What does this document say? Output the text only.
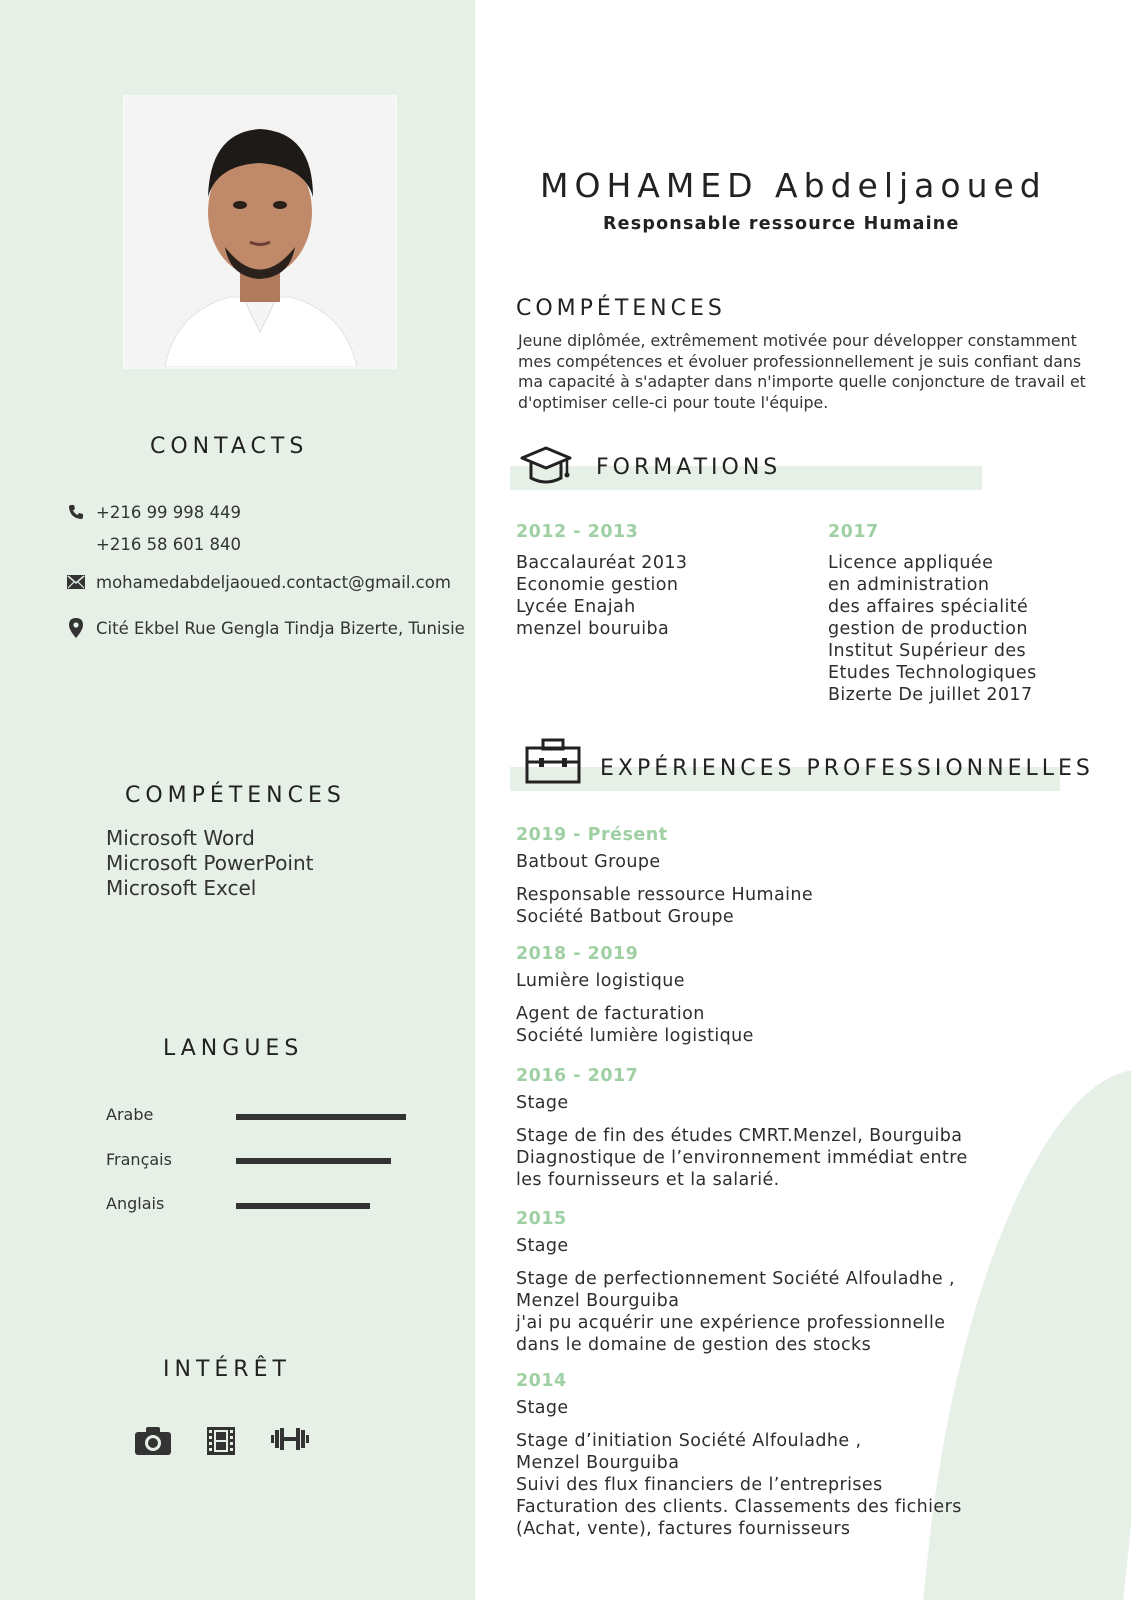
CONTACTS
+216 99 998 449
+216 58 601 840
mohamedabdeljaoued.contact@gmail.com
Cité Ekbel Rue Gengla Tindja Bizerte, Tunisie
COMPÉTENCES
Microsoft Word
Microsoft PowerPoint
Microsoft Excel
LANGUES
Arabe
Français
Anglais
INTÉRÊT
MOHAMED Abdeljaoued
Responsable ressource Humaine
COMPÉTENCES
Jeune diplômée, extrêmement motivée pour développer constamment mes compétences et évoluer professionnellement je suis confiant dans ma capacité à s'adapter dans n'importe quelle conjoncture de travail et d'optimiser celle-ci pour toute l'équipe.
FORMATIONS
2012 - 2013
Baccalauréat 2013
Economie gestion
Lycée Enajah
menzel bouruiba
2017
Licence appliquée
en administration
des affaires spécialité
gestion de production
Institut Supérieur des
Etudes Technologiques
Bizerte De juillet 2017
EXPÉRIENCES PROFESSIONNELLES
2019 - Présent
Batbout Groupe
Responsable ressource Humaine
Société Batbout Groupe
2018 - 2019
Lumière logistique
Agent de facturation
Société lumière logistique
2016 - 2017
Stage
Stage de fin des études CMRT.Menzel, Bourguiba
Diagnostique de l’environnement immédiat entre
les fournisseurs et la salarié.
2015
Stage
Stage de perfectionnement Société Alfouladhe ,
Menzel Bourguiba
j'ai pu acquérir une expérience professionnelle
dans le domaine de gestion des stocks
2014
Stage
Stage d’initiation Société Alfouladhe ,
Menzel Bourguiba
Suivi des flux financiers de l’entreprises
Facturation des clients. Classements des fichiers
(Achat, vente), factures fournisseurs
